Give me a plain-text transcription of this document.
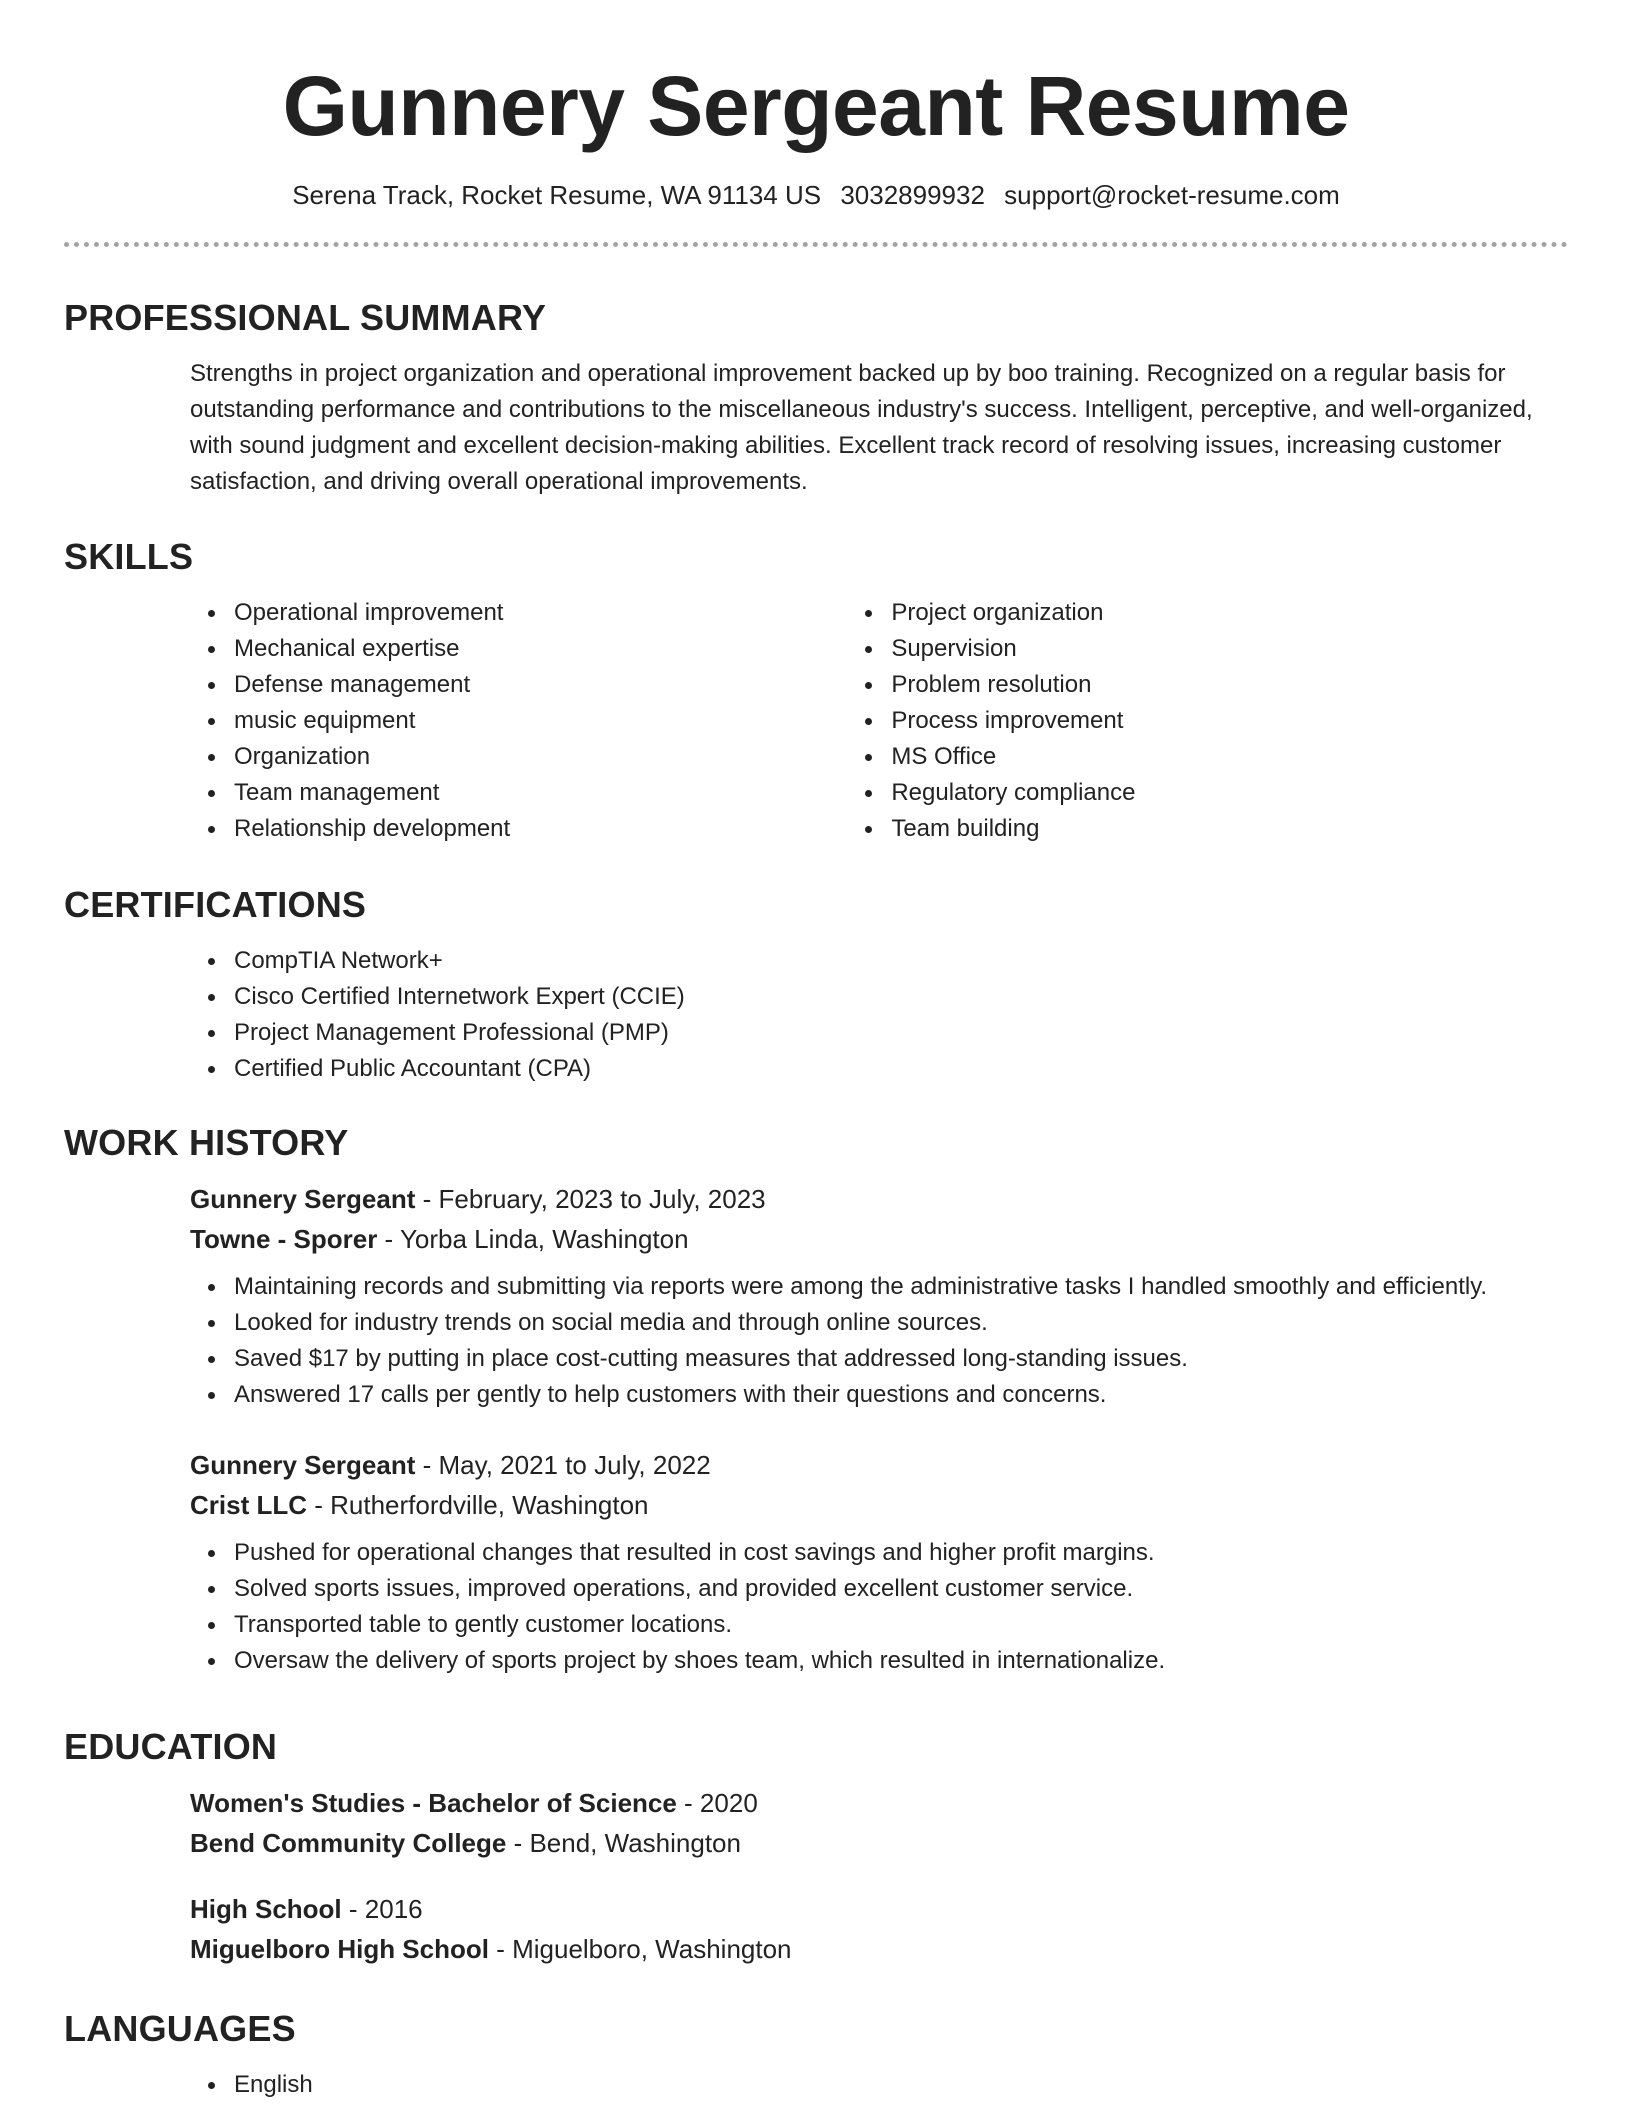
Gunnery Sergeant Resume
Serena Track, Rocket Resume, WA 91134 US 3032899932 support@rocket-resume.com
PROFESSIONAL SUMMARY
Strengths in project organization and operational improvement backed up by boo training. Recognized on a regular basis for outstanding performance and contributions to the miscellaneous industry's success. Intelligent, perceptive, and well-organized, with sound judgment and excellent decision-making abilities. Excellent track record of resolving issues, increasing customer satisfaction, and driving overall operational improvements.
SKILLS
Operational improvement
Mechanical expertise
Defense management
music equipment
Organization
Team management
Relationship development
Project organization
Supervision
Problem resolution
Process improvement
MS Office
Regulatory compliance
Team building
CERTIFICATIONS
CompTIA Network+
Cisco Certified Internetwork Expert (CCIE)
Project Management Professional (PMP)
Certified Public Accountant (CPA)
WORK HISTORY
Gunnery Sergeant - February, 2023 to July, 2023
Towne - Sporer - Yorba Linda, Washington
Maintaining records and submitting via reports were among the administrative tasks I handled smoothly and efficiently.
Looked for industry trends on social media and through online sources.
Saved $17 by putting in place cost-cutting measures that addressed long-standing issues.
Answered 17 calls per gently to help customers with their questions and concerns.
Gunnery Sergeant - May, 2021 to July, 2022
Crist LLC - Rutherfordville, Washington
Pushed for operational changes that resulted in cost savings and higher profit margins.
Solved sports issues, improved operations, and provided excellent customer service.
Transported table to gently customer locations.
Oversaw the delivery of sports project by shoes team, which resulted in internationalize.
EDUCATION
Women's Studies - Bachelor of Science - 2020
Bend Community College - Bend, Washington
High School - 2016
Miguelboro High School - Miguelboro, Washington
LANGUAGES
English
